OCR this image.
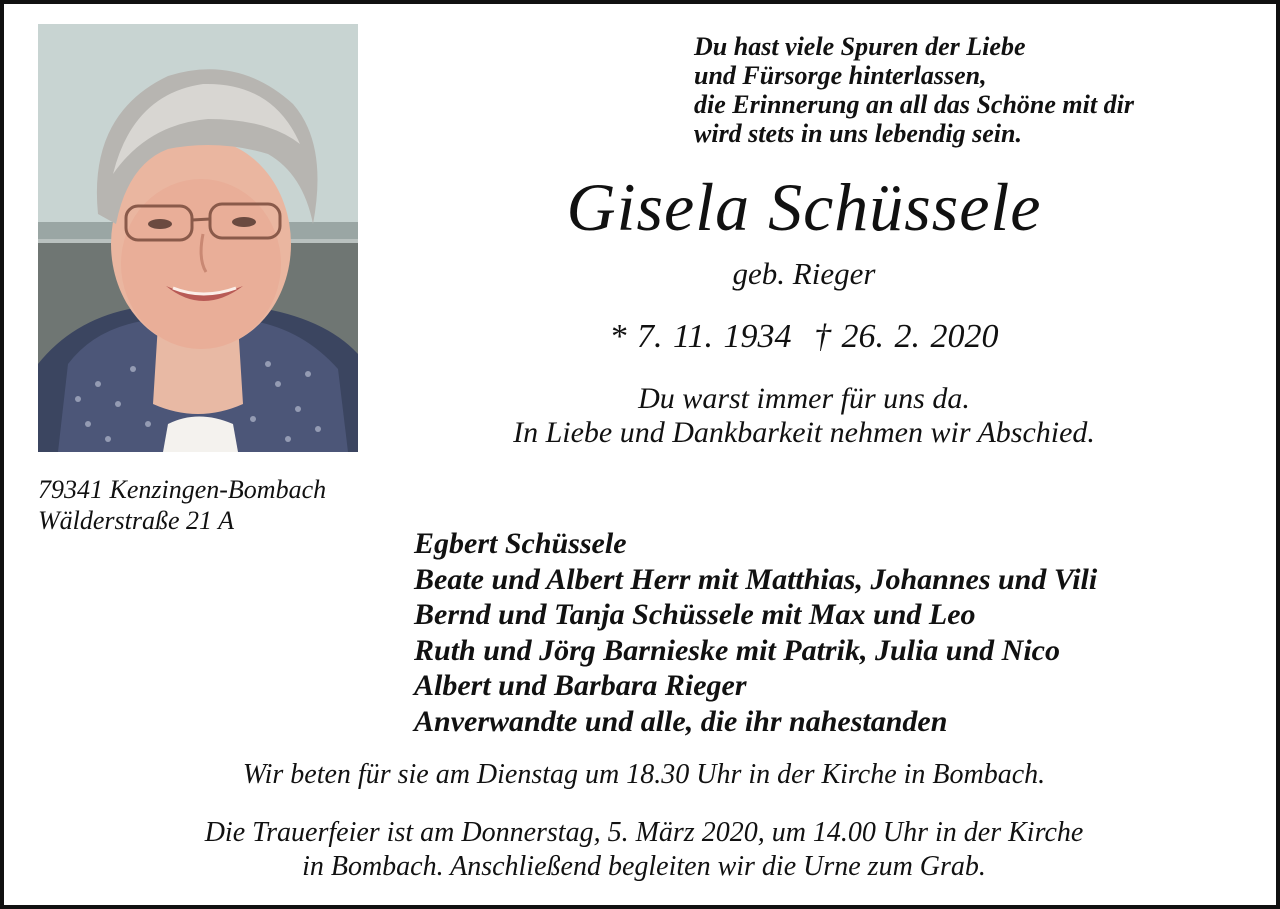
Du hast viele Spuren der Liebe
und Fürsorge hinterlassen,
die Erinnerung an all das Schöne mit dir
wird stets in uns lebendig sein.
Gisela Schüssele
geb. Rieger
* 7. 11. 1934 † 26. 2. 2020
Du warst immer für uns da.
In Liebe und Dankbarkeit nehmen wir Abschied.
79341 Kenzingen-Bombach
Wälderstraße 21 A
Egbert Schüssele
Beate und Albert Herr mit Matthias, Johannes und Vili
Bernd und Tanja Schüssele mit Max und Leo
Ruth und Jörg Barnieske mit Patrik, Julia und Nico
Albert und Barbara Rieger
Anverwandte und alle, die ihr nahestanden
Wir beten für sie am Dienstag um 18.30 Uhr in der Kirche in Bombach.
Die Trauerfeier ist am Donnerstag, 5. März 2020, um 14.00 Uhr in der Kirche
in Bombach. Anschließend begleiten wir die Urne zum Grab.
